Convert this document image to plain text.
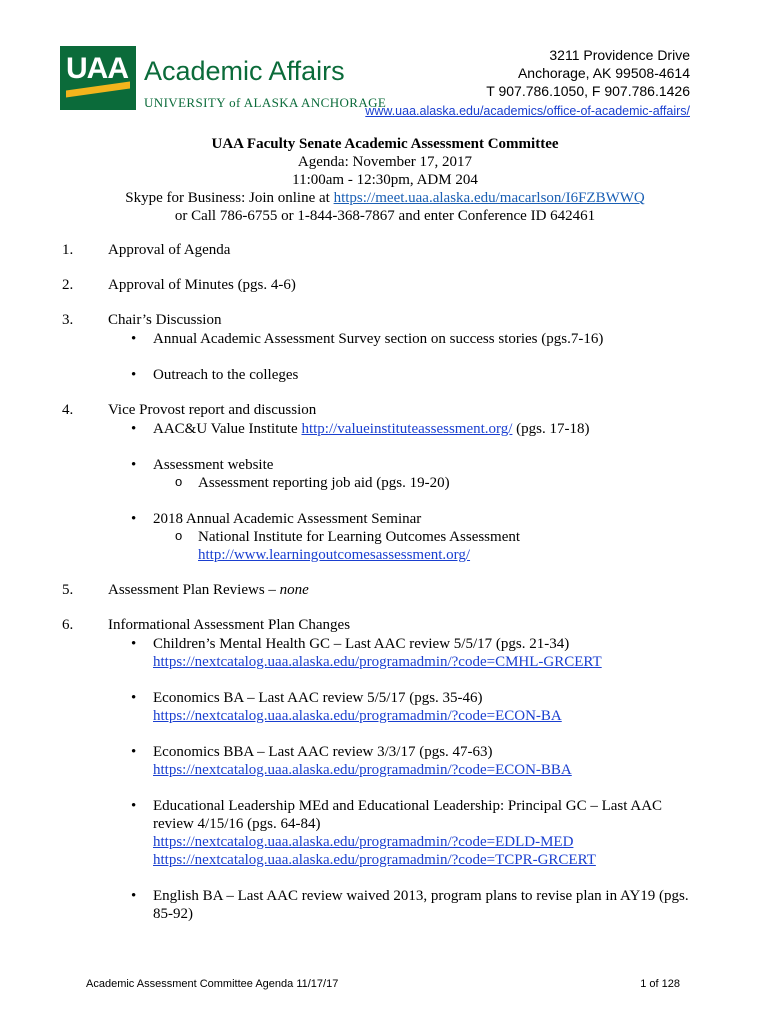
UAA Academic Affairs
UNIVERSITY of ALASKA ANCHORAGE
3211 Providence Drive
Anchorage, AK 99508-4614
T 907.786.1050, F 907.786.1426
www.uaa.alaska.edu/academics/office-of-academic-affairs/
UAA Faculty Senate Academic Assessment Committee
Agenda: November 17, 2017
11:00am - 12:30pm, ADM 204
Skype for Business: Join online at https://meet.uaa.alaska.edu/macarlson/I6FZBWWQ
or Call 786-6755 or 1-844-368-7867 and enter Conference ID 642461
1. Approval of Agenda
2. Approval of Minutes (pgs. 4-6)
3. Chair’s Discussion
• Annual Academic Assessment Survey section on success stories (pgs.7-16)
• Outreach to the colleges
4. Vice Provost report and discussion
• AAC&U Value Institute http://valueinstituteassessment.org/ (pgs. 17-18)
• Assessment website
o Assessment reporting job aid (pgs. 19-20)
• 2018 Annual Academic Assessment Seminar
o National Institute for Learning Outcomes Assessment
http://www.learningoutcomesassessment.org/
5. Assessment Plan Reviews – none
6. Informational Assessment Plan Changes
• Children’s Mental Health GC – Last AAC review 5/5/17 (pgs. 21-34)
https://nextcatalog.uaa.alaska.edu/programadmin/?code=CMHL-GRCERT
• Economics BA – Last AAC review 5/5/17 (pgs. 35-46)
https://nextcatalog.uaa.alaska.edu/programadmin/?code=ECON-BA
• Economics BBA – Last AAC review 3/3/17 (pgs. 47-63)
https://nextcatalog.uaa.alaska.edu/programadmin/?code=ECON-BBA
• Educational Leadership MEd and Educational Leadership: Principal GC – Last AAC review 4/15/16 (pgs. 64-84)
https://nextcatalog.uaa.alaska.edu/programadmin/?code=EDLD-MED
https://nextcatalog.uaa.alaska.edu/programadmin/?code=TCPR-GRCERT
• English BA – Last AAC review waived 2013, program plans to revise plan in AY19 (pgs. 85-92)
Academic Assessment Committee Agenda 11/17/17	1 of 128
